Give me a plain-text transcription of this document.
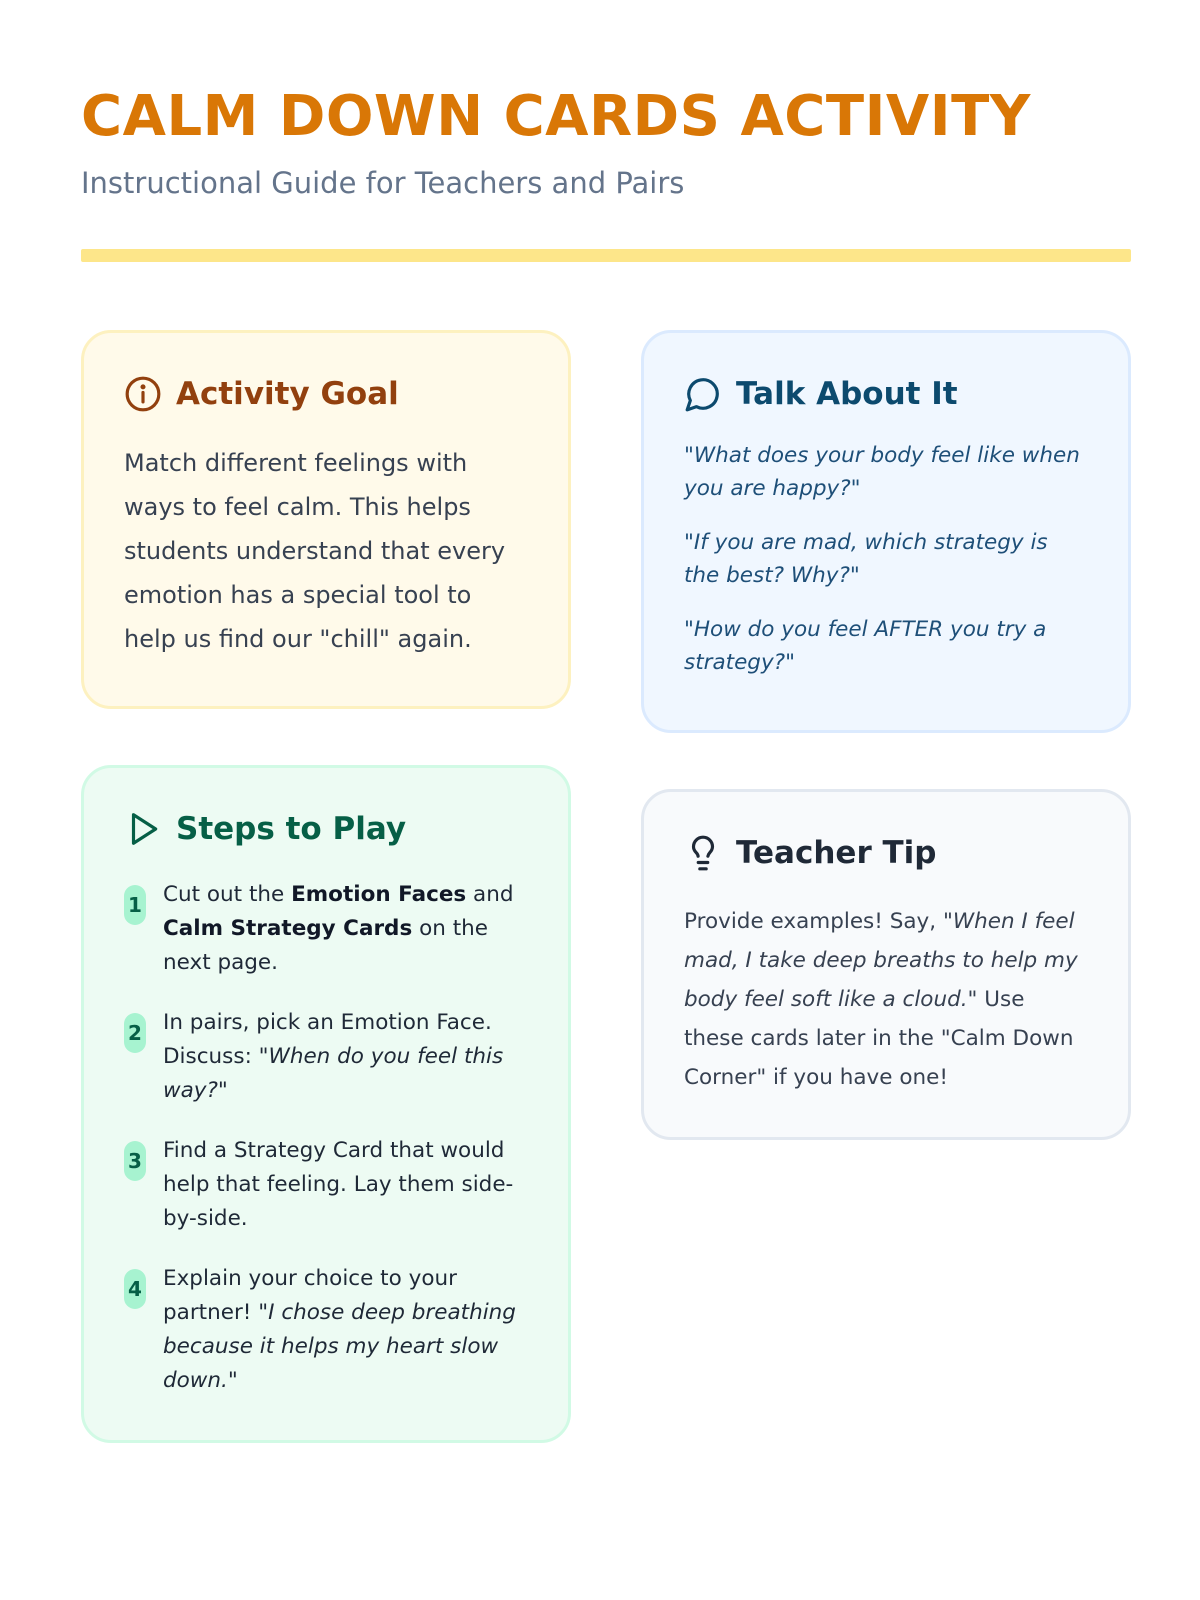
CALM DOWN CARDS ACTIVITY
Instructional Guide for Teachers and Pairs
Activity Goal

Match different feelings with ways to feel calm. This helps students understand that every emotion has a special tool to help us find our "chill" again.

Talk About It
"What does your body feel like when you are happy?"
"If you are mad, which strategy is the best? Why?"
"How do you feel AFTER you try a strategy?"
Steps to Play
1 Cut out the Emotion Faces and Calm Strategy Cards on the next page.
2 In pairs, pick an Emotion Face. Discuss: "When do you feel this way?"
3 Find a Strategy Card that would help that feeling. Lay them side-by-side.
4 Explain your choice to your partner! "I chose deep breathing because it helps my heart slow down."
Teacher Tip

Provide examples! Say, "When I feel mad, I take deep breaths to help my body feel soft like a cloud." Use these cards later in the "Calm Down Corner" if you have one!
